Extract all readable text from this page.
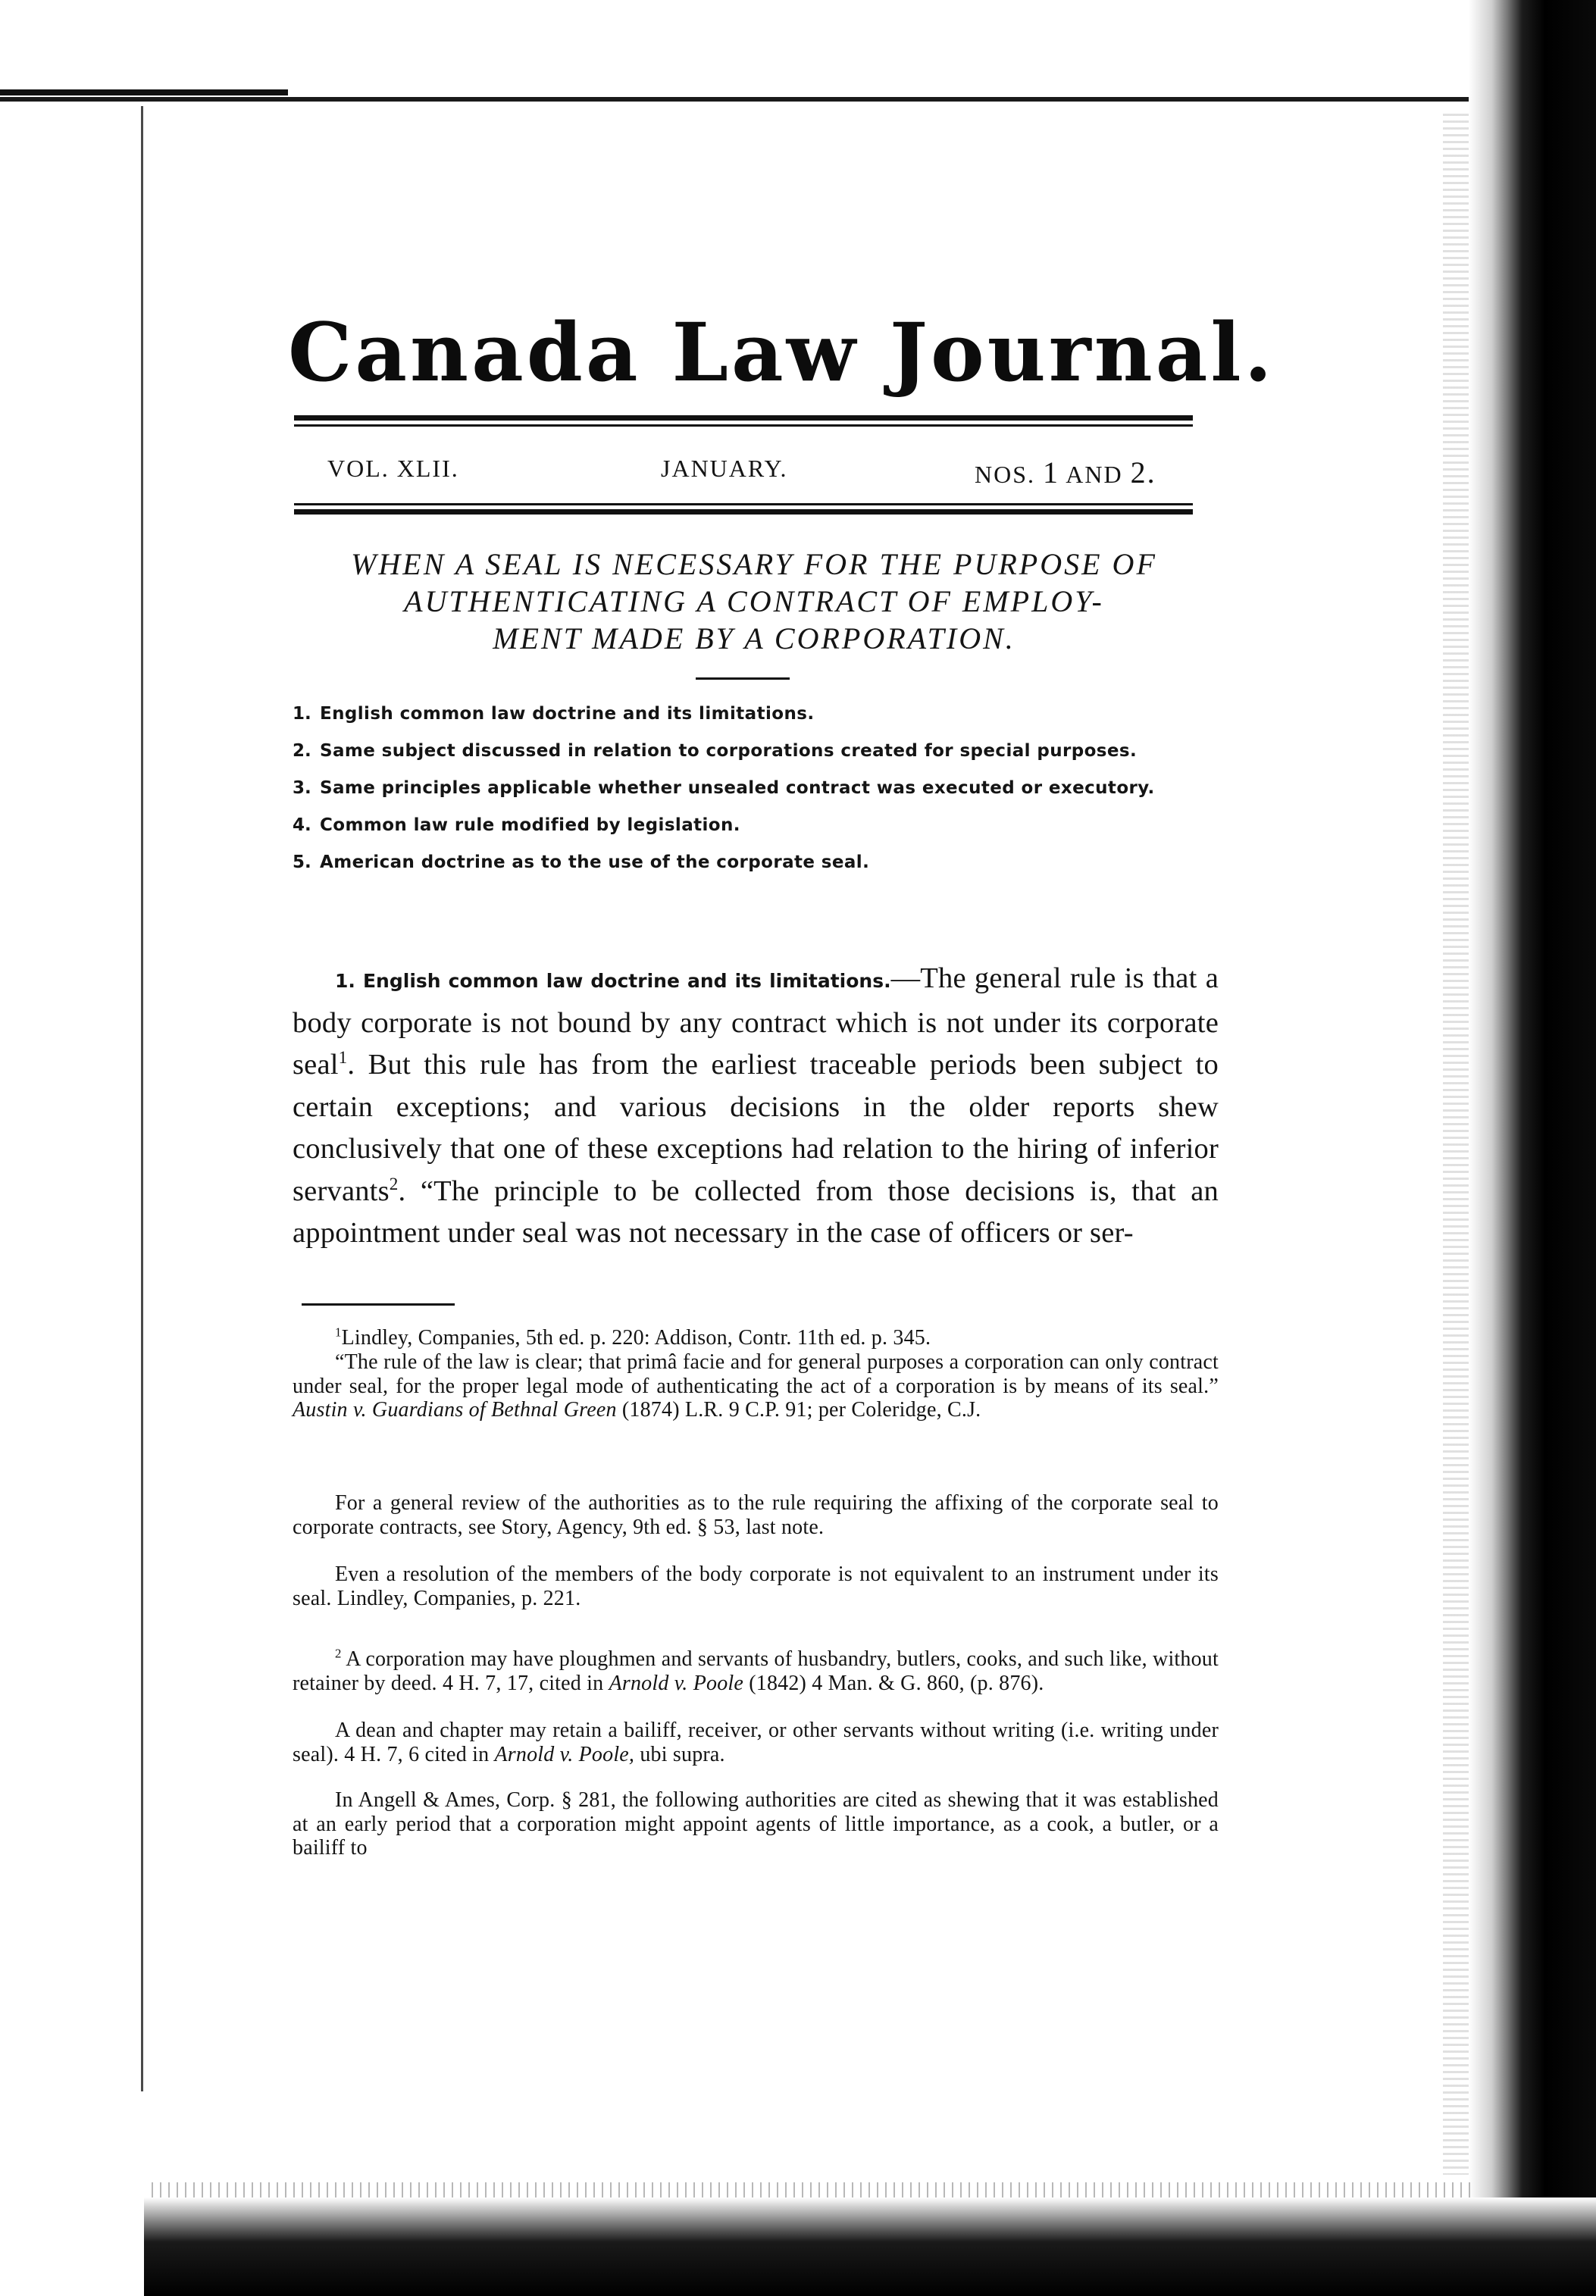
Canada Law Journal.
VOL. XLII.	JANUARY.	NOS. 1 AND 2.
WHEN A SEAL IS NECESSARY FOR THE PURPOSE OF
AUTHENTICATING A CONTRACT OF EMPLOY-
MENT MADE BY A CORPORATION.
1. English common law doctrine and its limitations.
2. Same subject discussed in relation to corporations created for special purposes.
3. Same principles applicable whether unsealed contract was executed or executory.
4. Common law rule modified by legislation.
5. American doctrine as to the use of the corporate seal.

1. English common law doctrine and its limitations.—The general rule is that a body corporate is not bound by any contract which is not under its corporate seal$^1$. But this rule has from the earliest traceable periods been subject to certain exceptions; and various decisions in the older reports shew conclusively that one of these exceptions had relation to the hiring of inferior servants$^2$. “The principle to be collected from those decisions is, that an appointment under seal was not necessary in the case of officers or ser-

$^1$Lindley, Companies, 5th ed. p. 220: Addison, Contr. 11th ed. p. 345.

“The rule of the law is clear; that primâ facie and for general purposes a corporation can only contract under seal, for the proper legal mode of authenticating the act of a corporation is by means of its seal.” Austin v. Guardians of Bethnal Green (1874) L.R. 9 C.P. 91; per Coleridge, C.J.

For a general review of the authorities as to the rule requiring the affixing of the corporate seal to corporate contracts, see Story, Agency, 9th ed. § 53, last note.

Even a resolution of the members of the body corporate is not equivalent to an instrument under its seal. Lindley, Companies, p. 221.

$^2$ A corporation may have ploughmen and servants of husbandry, butlers, cooks, and such like, without retainer by deed. 4 H. 7, 17, cited in Arnold v. Poole (1842) 4 Man. & G. 860, (p. 876).

A dean and chapter may retain a bailiff, receiver, or other servants without writing (i.e. writing under seal). 4 H. 7, 6 cited in Arnold v. Poole, ubi supra.

In Angell & Ames, Corp. § 281, the following authorities are cited as shewing that it was established at an early period that a corporation might appoint agents of little importance, as a cook, a butler, or a bailiff to
